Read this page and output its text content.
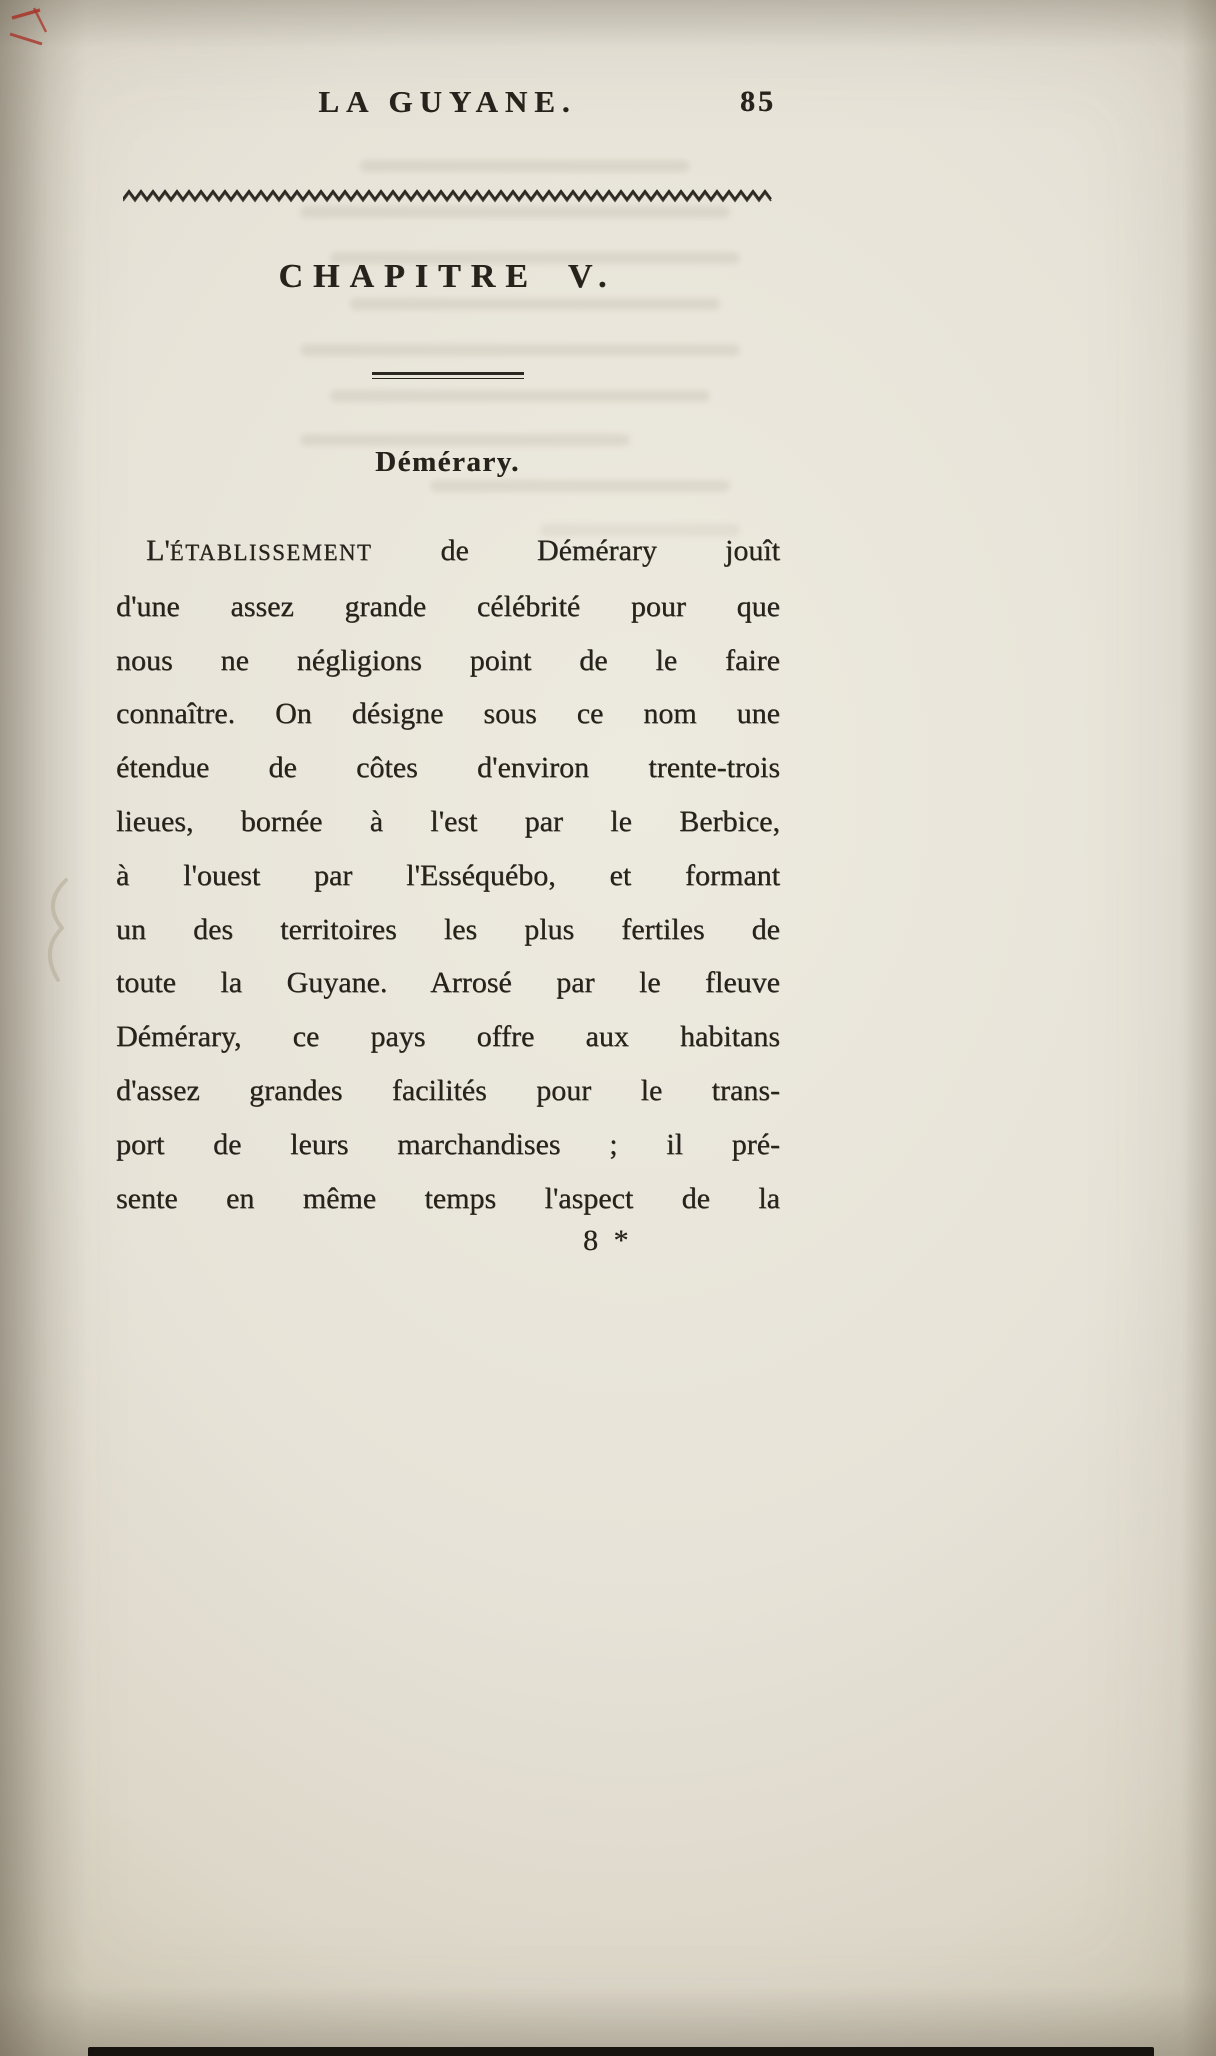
LA GUYANE.	85
CHAPITRE V.
Démérary.
L'ÉTABLISSEMENT de Démérary jouît
d'une assez grande célébrité pour que
nous ne négligions point de le faire
connaître. On désigne sous ce nom une
étendue de côtes d'environ trente-trois
lieues, bornée à l'est par le Berbice,
à l'ouest par l'Esséquébo, et formant
un des territoires les plus fertiles de
toute la Guyane. Arrosé par le fleuve
Démérary, ce pays offre aux habitans
d'assez grandes facilités pour le trans-
port de leurs marchandises ; il pré-
sente en même temps l'aspect de la
8 *
